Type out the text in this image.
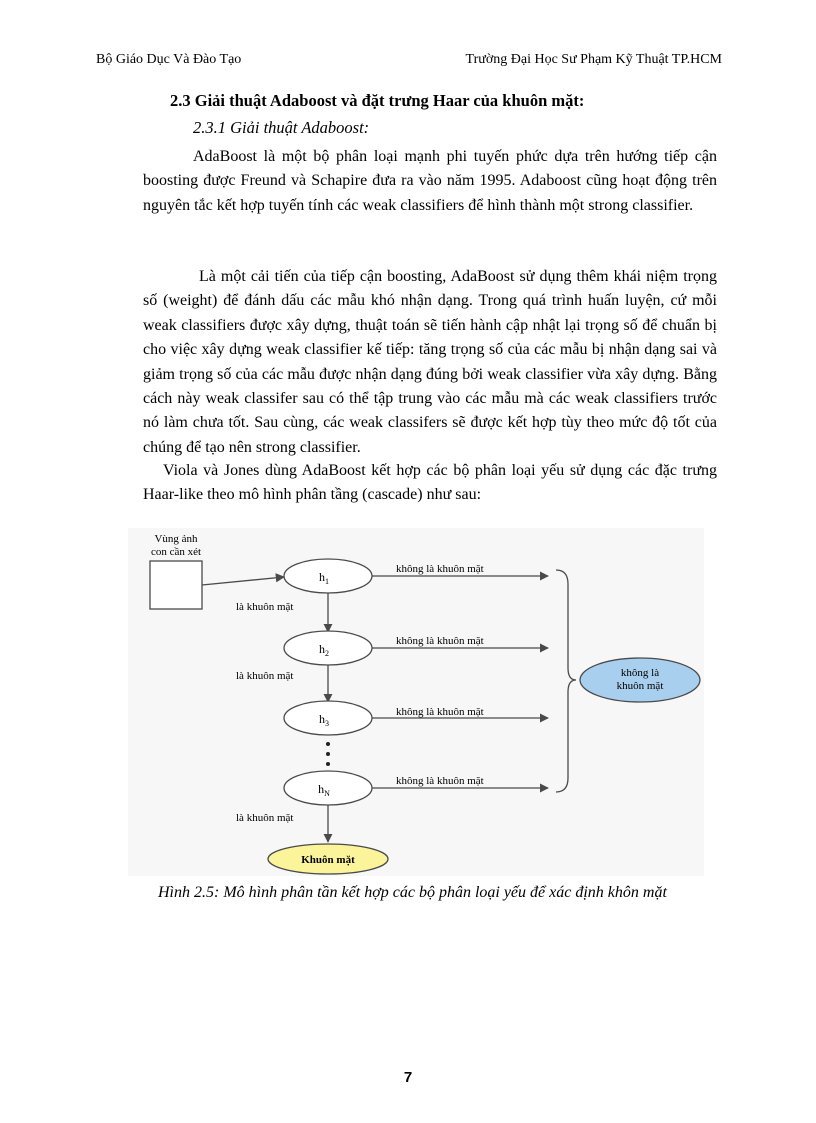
Bộ Giáo Dục Và Đào Tạo	Trường Đại Học Sư Phạm Kỹ Thuật TP.HCM
2.3 Giải thuật Adaboost và đặt trưng Haar của khuôn mặt:
2.3.1 Giải thuật Adaboost:

AdaBoost là một bộ phân loại mạnh phi tuyến phức dựa trên hướng tiếp cận boosting được Freund và Schapire đưa ra vào năm 1995. Adaboost cũng hoạt động trên nguyên tắc kết hợp tuyến tính các weak classifiers để hình thành một strong classifier.

Là một cải tiến của tiếp cận boosting, AdaBoost sử dụng thêm khái niệm trọng số (weight) để đánh dấu các mẫu khó nhận dạng. Trong quá trình huấn luyện, cứ mỗi weak classifiers được xây dựng, thuật toán sẽ tiến hành cập nhật lại trọng số để chuẩn bị cho việc xây dựng weak classifier kế tiếp: tăng trọng số của các mẫu bị nhận dạng sai và giảm trọng số của các mẫu được nhận dạng đúng bởi weak classifier vừa xây dựng. Bằng cách này weak classifer sau có thể tập trung vào các mẫu mà các weak classifiers trước nó làm chưa tốt. Sau cùng, các weak classifers sẽ được kết hợp tùy theo mức độ tốt của chúng để tạo nên strong classifier.

Viola và Jones dùng AdaBoost kết hợp các bộ phân loại yếu sử dụng các đặc trưng Haar-like theo mô hình phân tầng (cascade) như sau:

Vùng ảnh
con cần xét
$h_1$
không là khuôn mặt
là khuôn mặt
$h_2$
không là khuôn mặt
là khuôn mặt
$h_3$
không là khuôn mặt
$h_N$
không là khuôn mặt
là khuôn mặt
Khuôn mặt
không là
khuôn mặt
Hình 2.5: Mô hình phân tần kết hợp các bộ phân loại yếu để xác định khôn mặt
7
